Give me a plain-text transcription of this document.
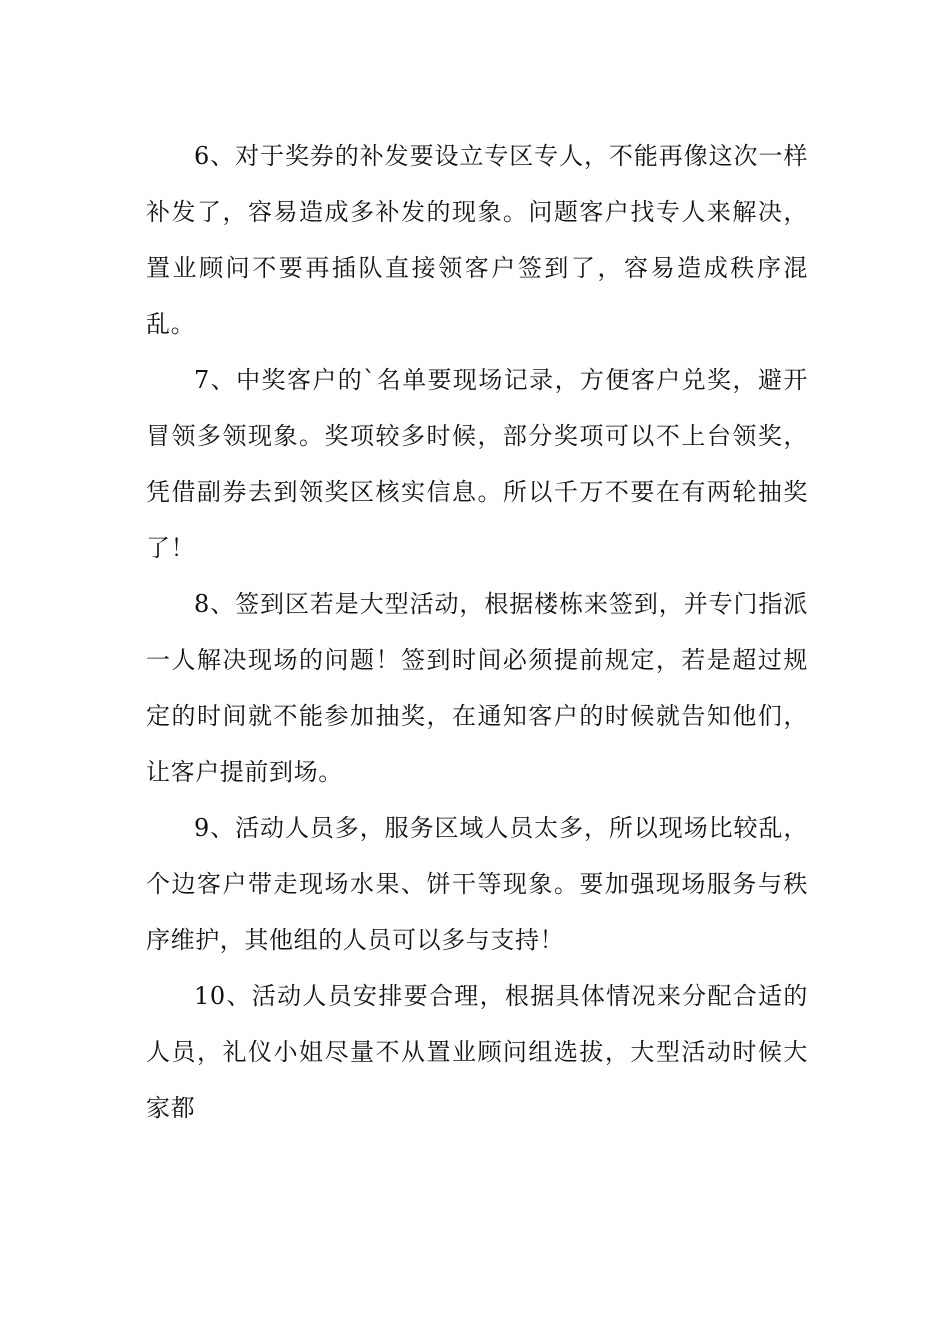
6、对于奖券的补发要设立专区专人，不能再像这次一样补发了，容易造成多补发的现象。问题客户找专人来解决，置业顾问不要再插队直接领客户签到了，容易造成秩序混乱。

7、中奖客户的`名单要现场记录，方便客户兑奖，避开冒领多领现象。奖项较多时候，部分奖项可以不上台领奖，凭借副券去到领奖区核实信息。所以千万不要在有两轮抽奖了！

8、签到区若是大型活动，根据楼栋来签到，并专门指派一人解决现场的问题！签到时间必须提前规定，若是超过规定的时间就不能参加抽奖，在通知客户的时候就告知他们，让客户提前到场。

9、活动人员多，服务区域人员太多，所以现场比较乱，个边客户带走现场水果、饼干等现象。要加强现场服务与秩序维护，其他组的人员可以多与支持！

10、活动人员安排要合理，根据具体情况来分配合适的人员，礼仪小姐尽量不从置业顾问组选拔，大型活动时候大家都
